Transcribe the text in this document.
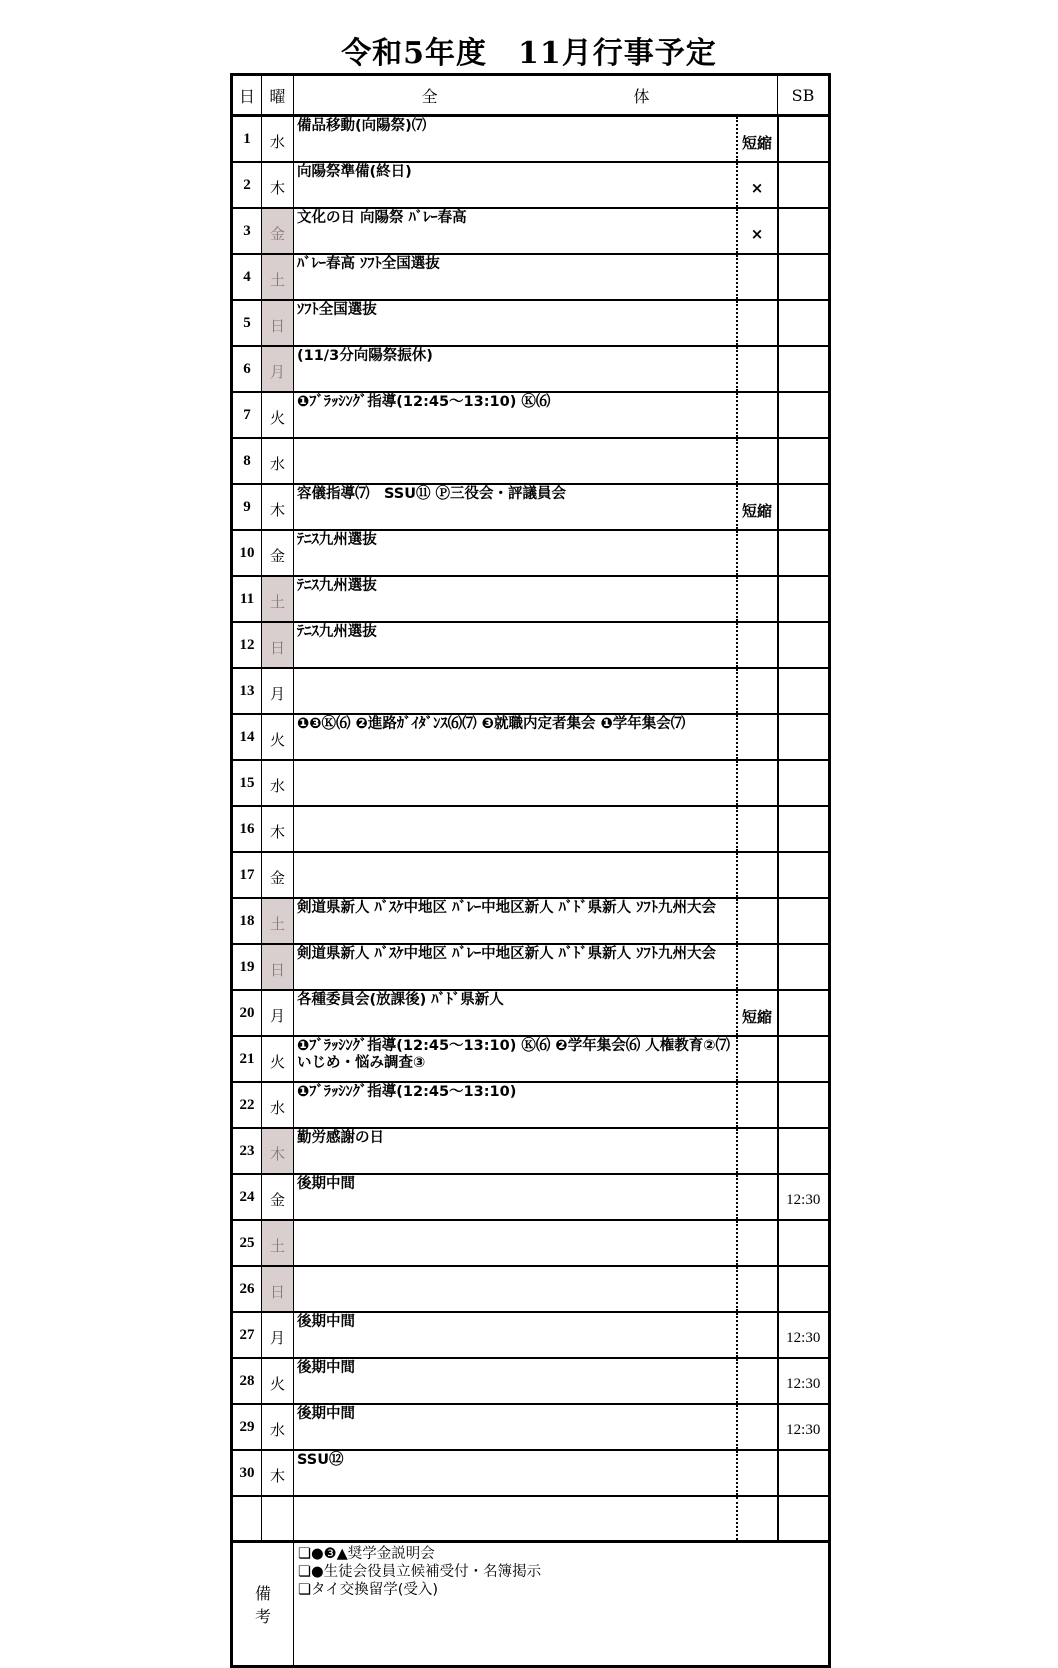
令和5年度　11月行事予定
日	曜	全　体		SB
1	水	備品移動(向陽祭)⑺	短縮	
2	木	向陽祭準備(終日)	×	
3	金	文化の日 向陽祭 ﾊﾞﾚｰ春高	×	
4	土	ﾊﾞﾚｰ春高 ｿﾌﾄ全国選抜		
5	日	ｿﾌﾄ全国選抜		
6	月	(11/3分向陽祭振休)		
7	火	❶ﾌﾞﾗｯｼﾝｸﾞ指導(12:45～13:10) Ⓚ⑹		
8	水			
9	木	容儀指導⑺　SSU⑪ Ⓟ三役会・評議員会	短縮	
10	金	ﾃﾆｽ九州選抜		
11	土	ﾃﾆｽ九州選抜		
12	日	ﾃﾆｽ九州選抜		
13	月			
14	火	❶❸Ⓚ⑹ ❷進路ｶﾞｲﾀﾞﾝｽ⑹⑺ ❸就職内定者集会 ❶学年集会⑺		
15	水			
16	木			
17	金			
18	土	剣道県新人 ﾊﾞｽｹ中地区 ﾊﾞﾚｰ中地区新人 ﾊﾞﾄﾞ県新人 ｿﾌﾄ九州大会		
19	日	剣道県新人 ﾊﾞｽｹ中地区 ﾊﾞﾚｰ中地区新人 ﾊﾞﾄﾞ県新人 ｿﾌﾄ九州大会		
20	月	各種委員会(放課後) ﾊﾞﾄﾞ県新人	短縮	
21	火	❶ﾌﾞﾗｯｼﾝｸﾞ指導(12:45～13:10) Ⓚ⑹ ❷学年集会⑹ 人権教育②⑺ いじめ・悩み調査③		
22	水	❶ﾌﾞﾗｯｼﾝｸﾞ指導(12:45～13:10)		
23	木	勤労感謝の日		
24	金	後期中間		12:30
25	土			
26	日			
27	月	後期中間		12:30
28	火	後期中間		12:30
29	水	後期中間		12:30
30	木	SSU⑫		

備考		❏●❸▲奨学金説明会
❏●生徒会役員立候補受付・名簿掲示
❏タイ交換留学(受入)		
